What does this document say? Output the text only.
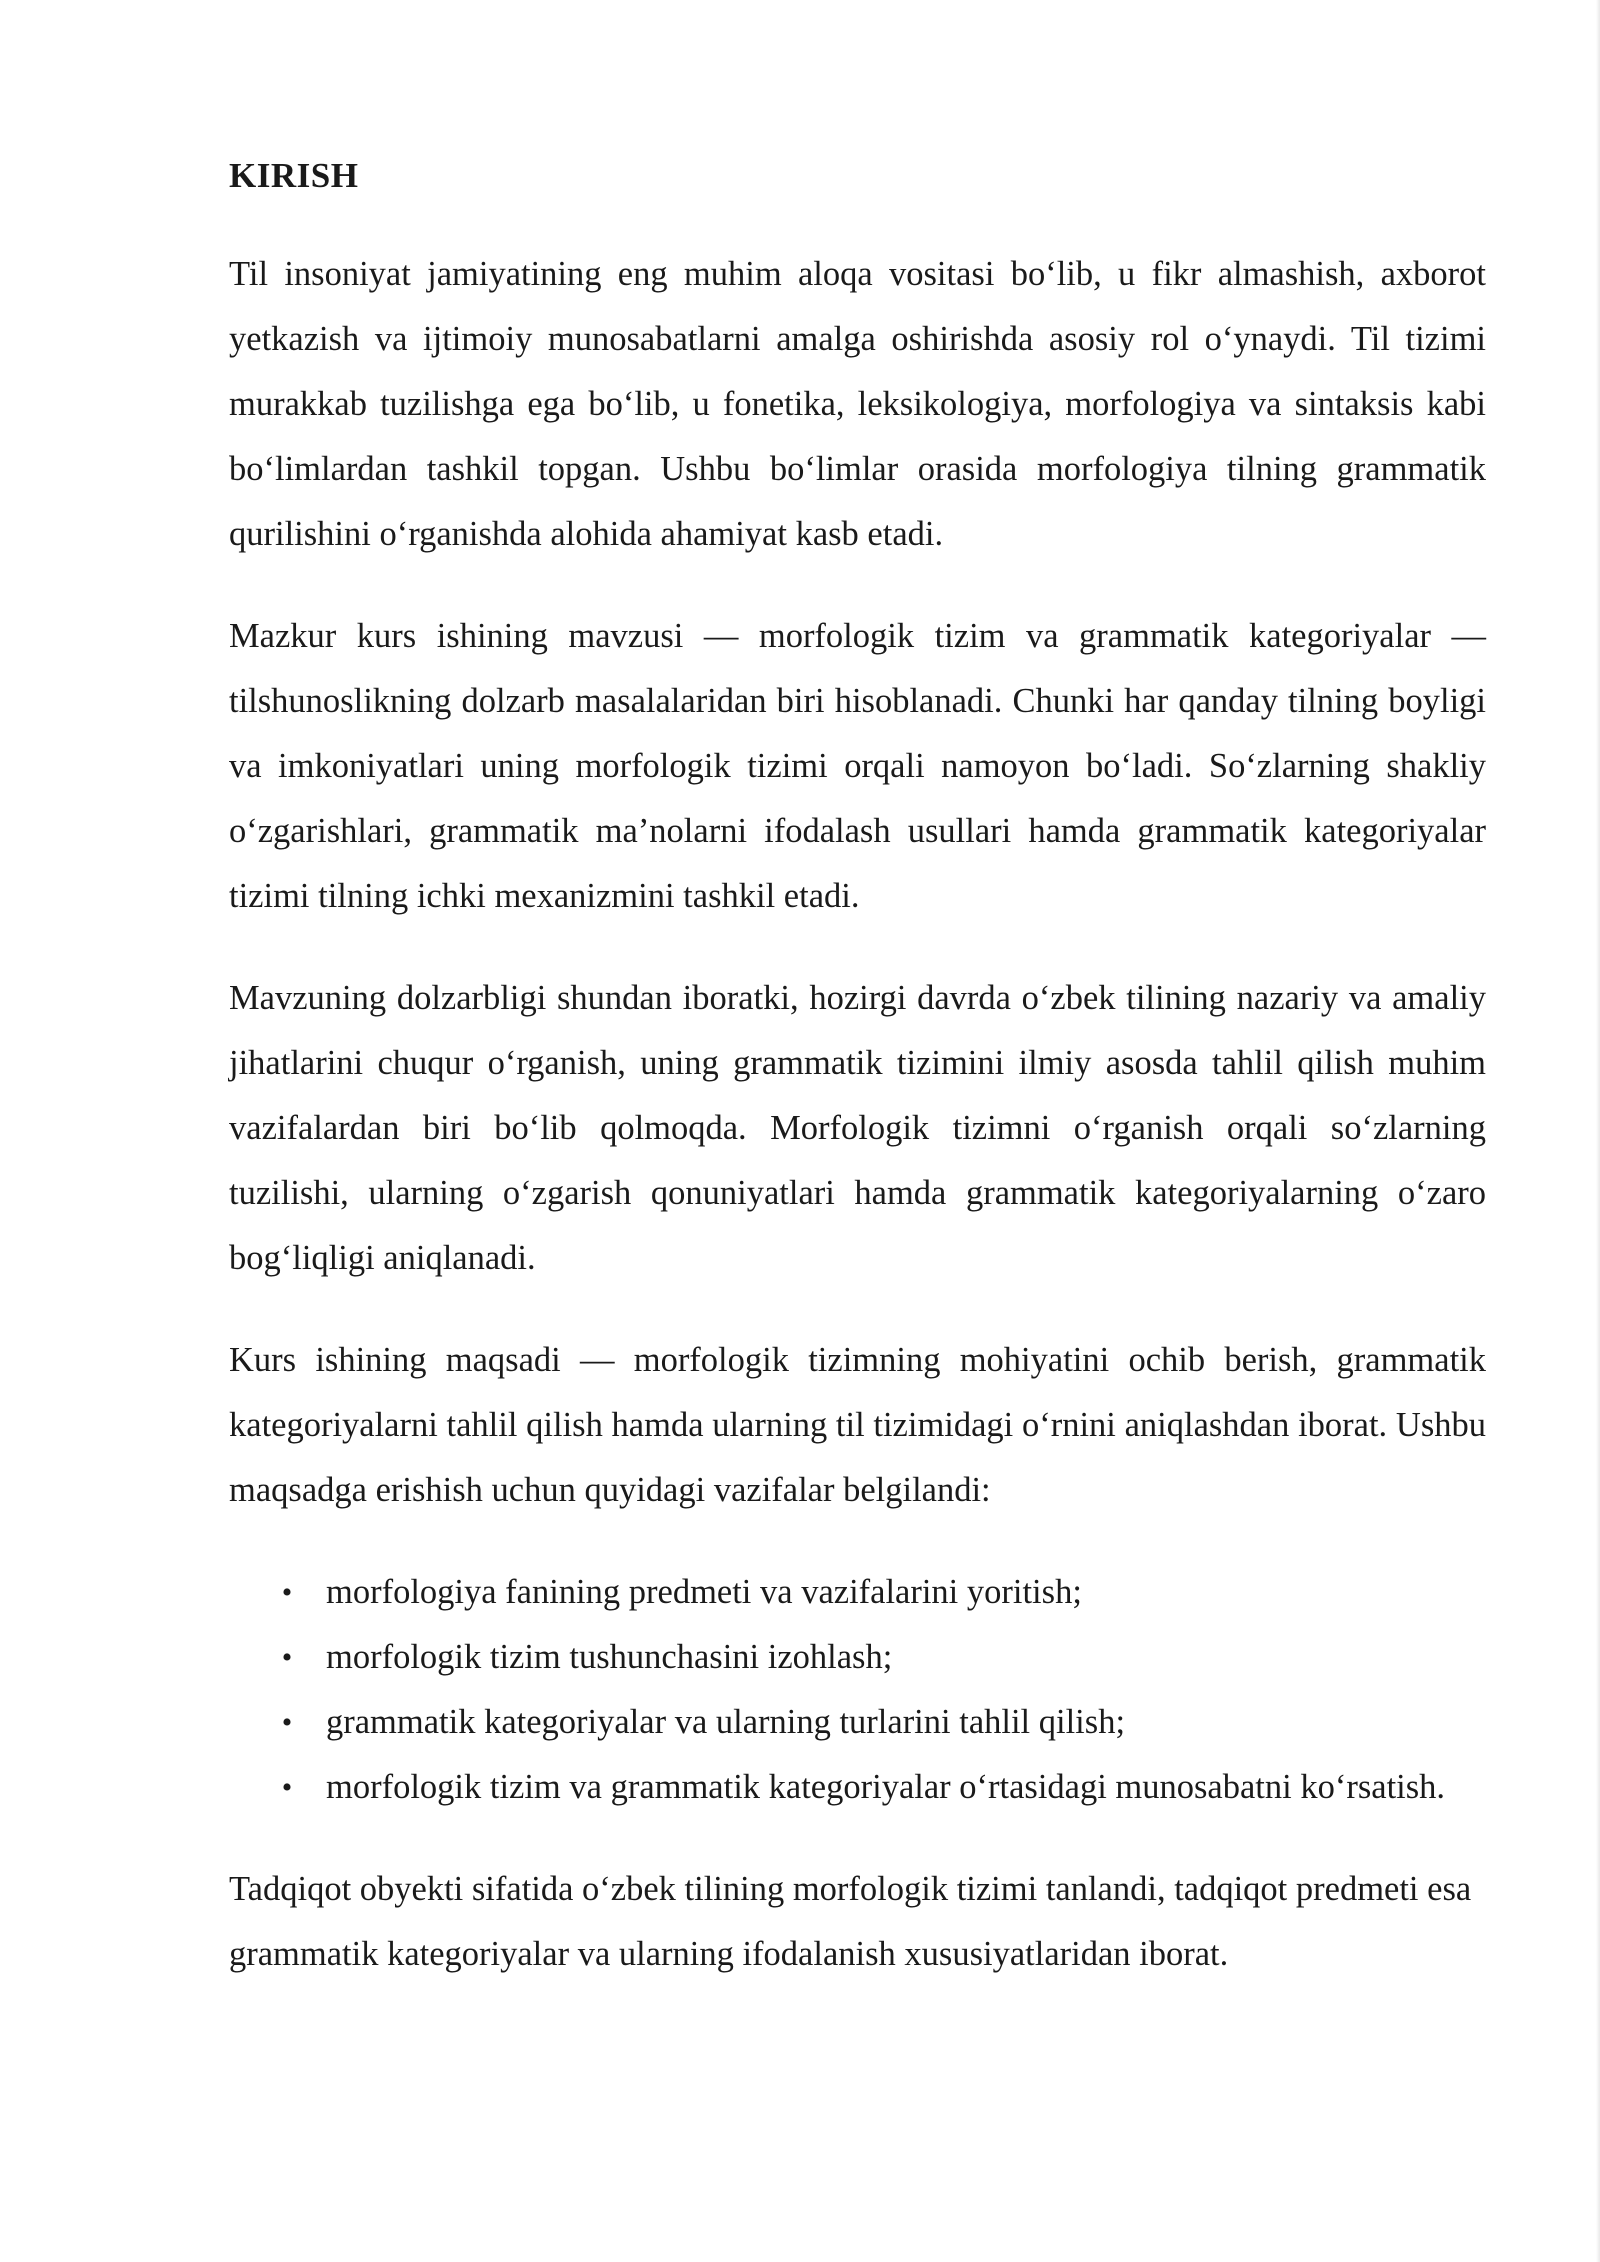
KIRISH

Til insoniyat jamiyatining eng muhim aloqa vositasi bo‘lib, u fikr almashish, axborot yetkazish va ijtimoiy munosabatlarni amalga oshirishda asosiy rol o‘ynaydi. Til tizimi murakkab tuzilishga ega bo‘lib, u fonetika, leksikologiya, morfologiya va sintaksis kabi bo‘limlardan tashkil topgan. Ushbu bo‘limlar orasida morfologiya tilning grammatik qurilishini o‘rganishda alohida ahamiyat kasb etadi.

Mazkur kurs ishining mavzusi — morfologik tizim va grammatik kategoriyalar — tilshunoslikning dolzarb masalalaridan biri hisoblanadi. Chunki har qanday tilning boyligi va imkoniyatlari uning morfologik tizimi orqali namoyon bo‘ladi. So‘zlarning shakliy o‘zgarishlari, grammatik ma’nolarni ifodalash usullari hamda grammatik kategoriyalar tizimi tilning ichki mexanizmini tashkil etadi.

Mavzuning dolzarbligi shundan iboratki, hozirgi davrda o‘zbek tilining nazariy va amaliy jihatlarini chuqur o‘rganish, uning grammatik tizimini ilmiy asosda tahlil qilish muhim vazifalardan biri bo‘lib qolmoqda. Morfologik tizimni o‘rganish orqali so‘zlarning tuzilishi, ularning o‘zgarish qonuniyatlari hamda grammatik kategoriyalarning o‘zaro bog‘liqligi aniqlanadi.

Kurs ishining maqsadi — morfologik tizimning mohiyatini ochib berish, grammatik kategoriyalarni tahlil qilish hamda ularning til tizimidagi o‘rnini aniqlashdan iborat. Ushbu maqsadga erishish uchun quyidagi vazifalar belgilandi:

• morfologiya fanining predmeti va vazifalarini yoritish;
• morfologik tizim tushunchasini izohlash;
• grammatik kategoriyalar va ularning turlarini tahlil qilish;
• morfologik tizim va grammatik kategoriyalar o‘rtasidagi munosabatni ko‘rsatish.

Tadqiqot obyekti sifatida o‘zbek tilining morfologik tizimi tanlandi, tadqiqot predmeti esa grammatik kategoriyalar va ularning ifodalanish xususiyatlaridan iborat.
